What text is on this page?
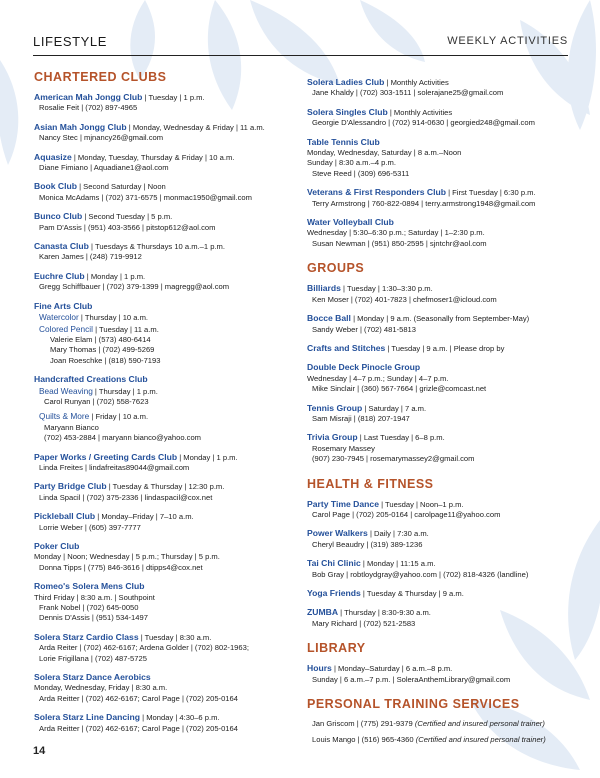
LIFESTYLE	WEEKLY ACTIVITIES
CHARTERED CLUBS
American Mah Jongg Club | Tuesday | 1 p.m.
Rosalie Feit | (702) 897-4965
Asian Mah Jongg Club | Monday, Wednesday & Friday | 11 a.m.
Nancy Stec | mjnancy26@gmail.com
Aquasize | Monday, Tuesday, Thursday & Friday | 10 a.m.
Diane Fimiano | Aquadiane1@aol.com
Book Club | Second Saturday | Noon
Monica McAdams | (702) 371-6575 | monmac1950@gmail.com
Bunco Club | Second Tuesday | 5 p.m.
Pam D'Assis | (951) 403-3566 | pitstop612@aol.com
Canasta Club | Tuesdays & Thursdays 10 a.m.–1 p.m.
Karen James | (248) 719-9912
Euchre Club | Monday | 1 p.m.
Gregg Schiffbauer | (702) 379-1399 | magregg@aol.com
Fine Arts Club
Watercolor | Thursday | 10 a.m.
Colored Pencil | Tuesday | 11 a.m.
Valerie Elam | (573) 480-6414
Mary Thomas | (702) 499-5269
Joan Roeschke | (818) 590-7193
Handcrafted Creations Club
Bead Weaving | Thursday | 1 p.m.
Carol Runyan | (702) 558-7623
Quilts & More | Friday | 10 a.m.
Maryann Bianco
(702) 453-2884 | maryann bianco@yahoo.com
Paper Works / Greeting Cards Club | Monday | 1 p.m.
Linda Freites | lindafreitas89044@gmail.com
Party Bridge Club | Tuesday & Thursday | 12:30 p.m.
Linda Spacil | (702) 375-2336 | lindaspacil@cox.net
Pickleball Club | Monday–Friday | 7–10 a.m.
Lorrie Weber | (605) 397-7777
Poker Club
Monday | Noon; Wednesday | 5 p.m.; Thursday | 5 p.m.
Donna Tipps | (775) 846-3616 | dtipps4@cox.net
Romeo's Solera Mens Club
Third Friday | 8:30 a.m. | Southpoint
Frank Nobel | (702) 645-0050
Dennis D'Assis | (951) 534-1497
Solera Starz Cardio Class | Tuesday | 8:30 a.m.
Arda Reiter | (702) 462-6167; Ardena Golder | (702) 802-1963;
Lorie Frigillana | (702) 487-5725
Solera Starz Dance Aerobics
Monday, Wednesday, Friday | 8:30 a.m.
Arda Reitter | (702) 462-6167; Carol Page | (702) 205-0164
Solera Starz Line Dancing | Monday | 4:30–6 p.m.
Arda Reitter | (702) 462-6167; Carol Page | (702) 205-0164
Solera Ladies Club | Monthly Activities
Jane Khaldy | (702) 303-1511 | solerajane25@gmail.com
Solera Singles Club | Monthly Activities
Georgie D'Alessandro | (702) 914-0630 | georgied248@gmail.com
Table Tennis Club
Monday, Wednesday, Saturday | 8 a.m.–Noon
Sunday | 8:30 a.m.–4 p.m.
Steve Reed | (309) 696-5311
Veterans & First Responders Club | First Tuesday | 6:30 p.m.
Terry Armstrong | 760-822-0894 | terry.armstrong1948@gmail.com
Water Volleyball Club
Wednesday | 5:30–6:30 p.m.; Saturday | 1–2:30 p.m.
Susan Newman | (951) 850-2595 | sjntchr@aol.com
GROUPS
Billiards | Tuesday | 1:30–3:30 p.m.
Ken Moser | (702) 401-7823 | chefmoser1@icloud.com
Bocce Ball | Monday | 9 a.m. (Seasonally from September-May)
Sandy Weber | (702) 481-5813
Crafts and Stitches | Tuesday | 9 a.m. | Please drop by
Double Deck Pinocle Group
Wednesday | 4–7 p.m.; Sunday | 4–7 p.m.
Mike Sinclair | (360) 567-7664 | grizle@comcast.net
Tennis Group | Saturday | 7 a.m.
Sam Misraji | (818) 207-1947
Trivia Group | Last Tuesday | 6–8 p.m.
Rosemary Massey
(907) 230-7945 | rosemarymassey2@gmail.com
HEALTH & FITNESS
Party Time Dance | Tuesday | Noon–1 p.m.
Carol Page | (702) 205-0164 | carolpage11@yahoo.com
Power Walkers | Daily | 7:30 a.m.
Cheryl Beaudry | (319) 389-1236
Tai Chi Clinic | Monday | 11:15 a.m.
Bob Gray | robtloydgray@yahoo.com | (702) 818-4326 (landline)
Yoga Friends | Tuesday & Thursday | 9 a.m.
ZUMBA | Thursday | 8:30-9:30 a.m.
Mary Richard | (702) 521-2583
LIBRARY
Hours | Monday–Saturday | 6 a.m.–8 p.m.
Sunday | 6 a.m.–7 p.m. | SoleraAnthemLibrary@gmail.com
PERSONAL TRAINING SERVICES
Jan Griscom | (775) 291-9379 (Certified and insured personal trainer)
Louis Mango | (516) 965-4360 (Certified and insured personal trainer)
14
